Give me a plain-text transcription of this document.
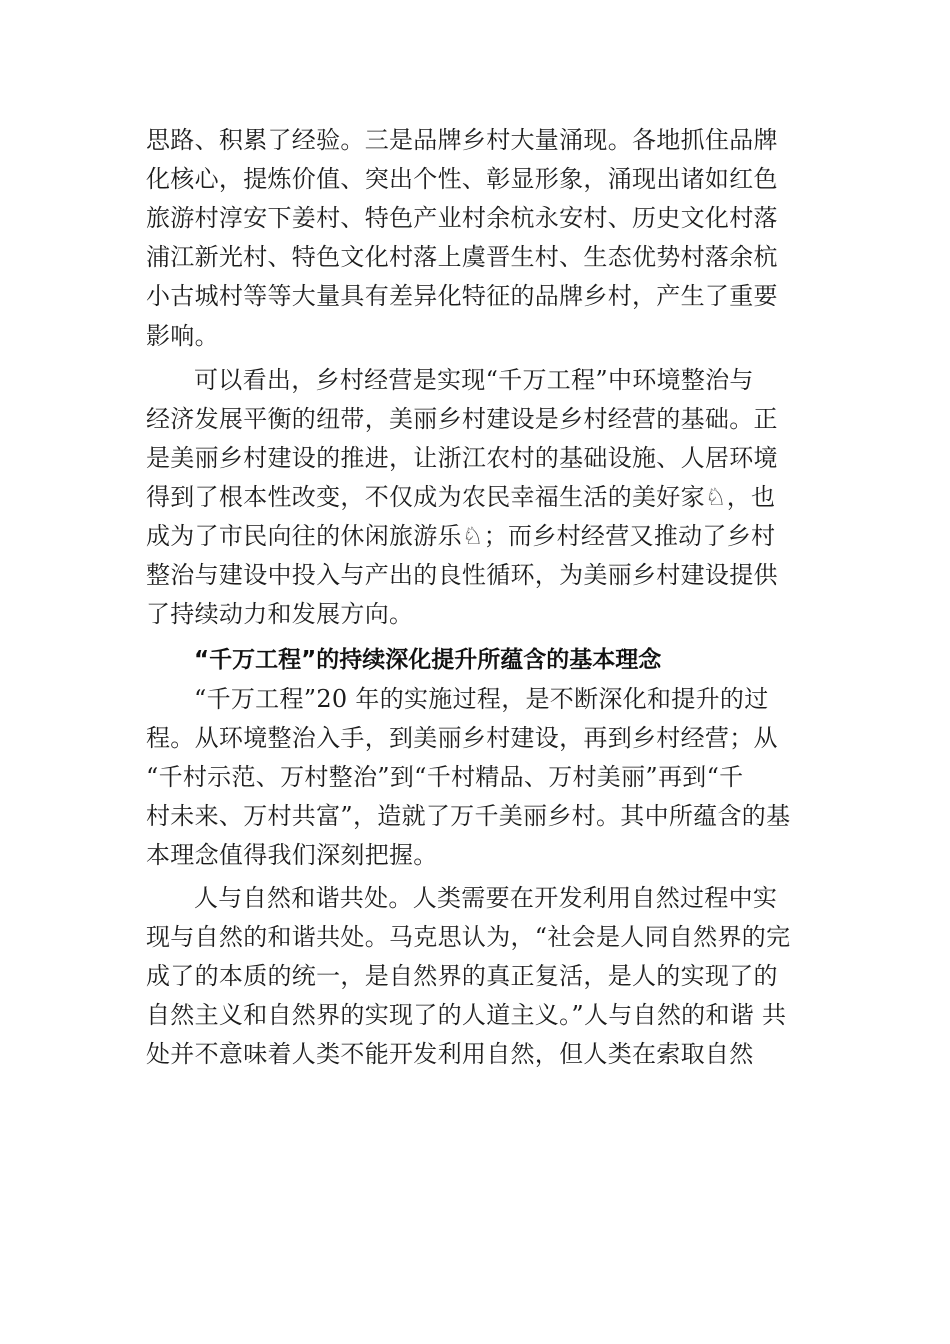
思路、积累了经验。三是品牌乡村大量涌现。各地抓住品牌
化核心，提炼价值、突出个性、彰显形象，涌现出诸如红色
旅游村淳安下姜村、特色产业村余杭永安村、历史文化村落
浦江新光村、特色文化村落上虞晋生村、生态优势村落余杭
小古城村等等大量具有差异化特征的品牌乡村，产生了重要
影响。
可以看出，乡村经营是实现“千万工程”中环境整治与
经济发展平衡的纽带，美丽乡村建设是乡村经营的基础。正
是美丽乡村建设的推进，让浙江农村的基础设施、人居环境
得到了根本性改变，不仅成为农民幸福生活的美好家♘，也
成为了市民向往的休闲旅游乐♘；而乡村经营又推动了乡村
整治与建设中投入与产出的良性循环，为美丽乡村建设提供
了持续动力和发展方向。
“千万工程”的持续深化提升所蕴含的基本理念
“千万工程”20 年的实施过程，是不断深化和提升的过
程。从环境整治入手，到美丽乡村建设，再到乡村经营；从
“千村示范、万村整治”到“千村精品、万村美丽”再到“千
村未来、万村共富”，造就了万千美丽乡村。其中所蕴含的基
本理念值得我们深刻把握。
人与自然和谐共处。人类需要在开发利用自然过程中实
现与自然的和谐共处。马克思认为，“社会是人同自然界的完
成了的本质的统一，是自然界的真正复活，是人的实现了的
自然主义和自然界的实现了的人道主义。”人与自然的和谐 共
处并不意味着人类不能开发利用自然，但人类在索取自然
